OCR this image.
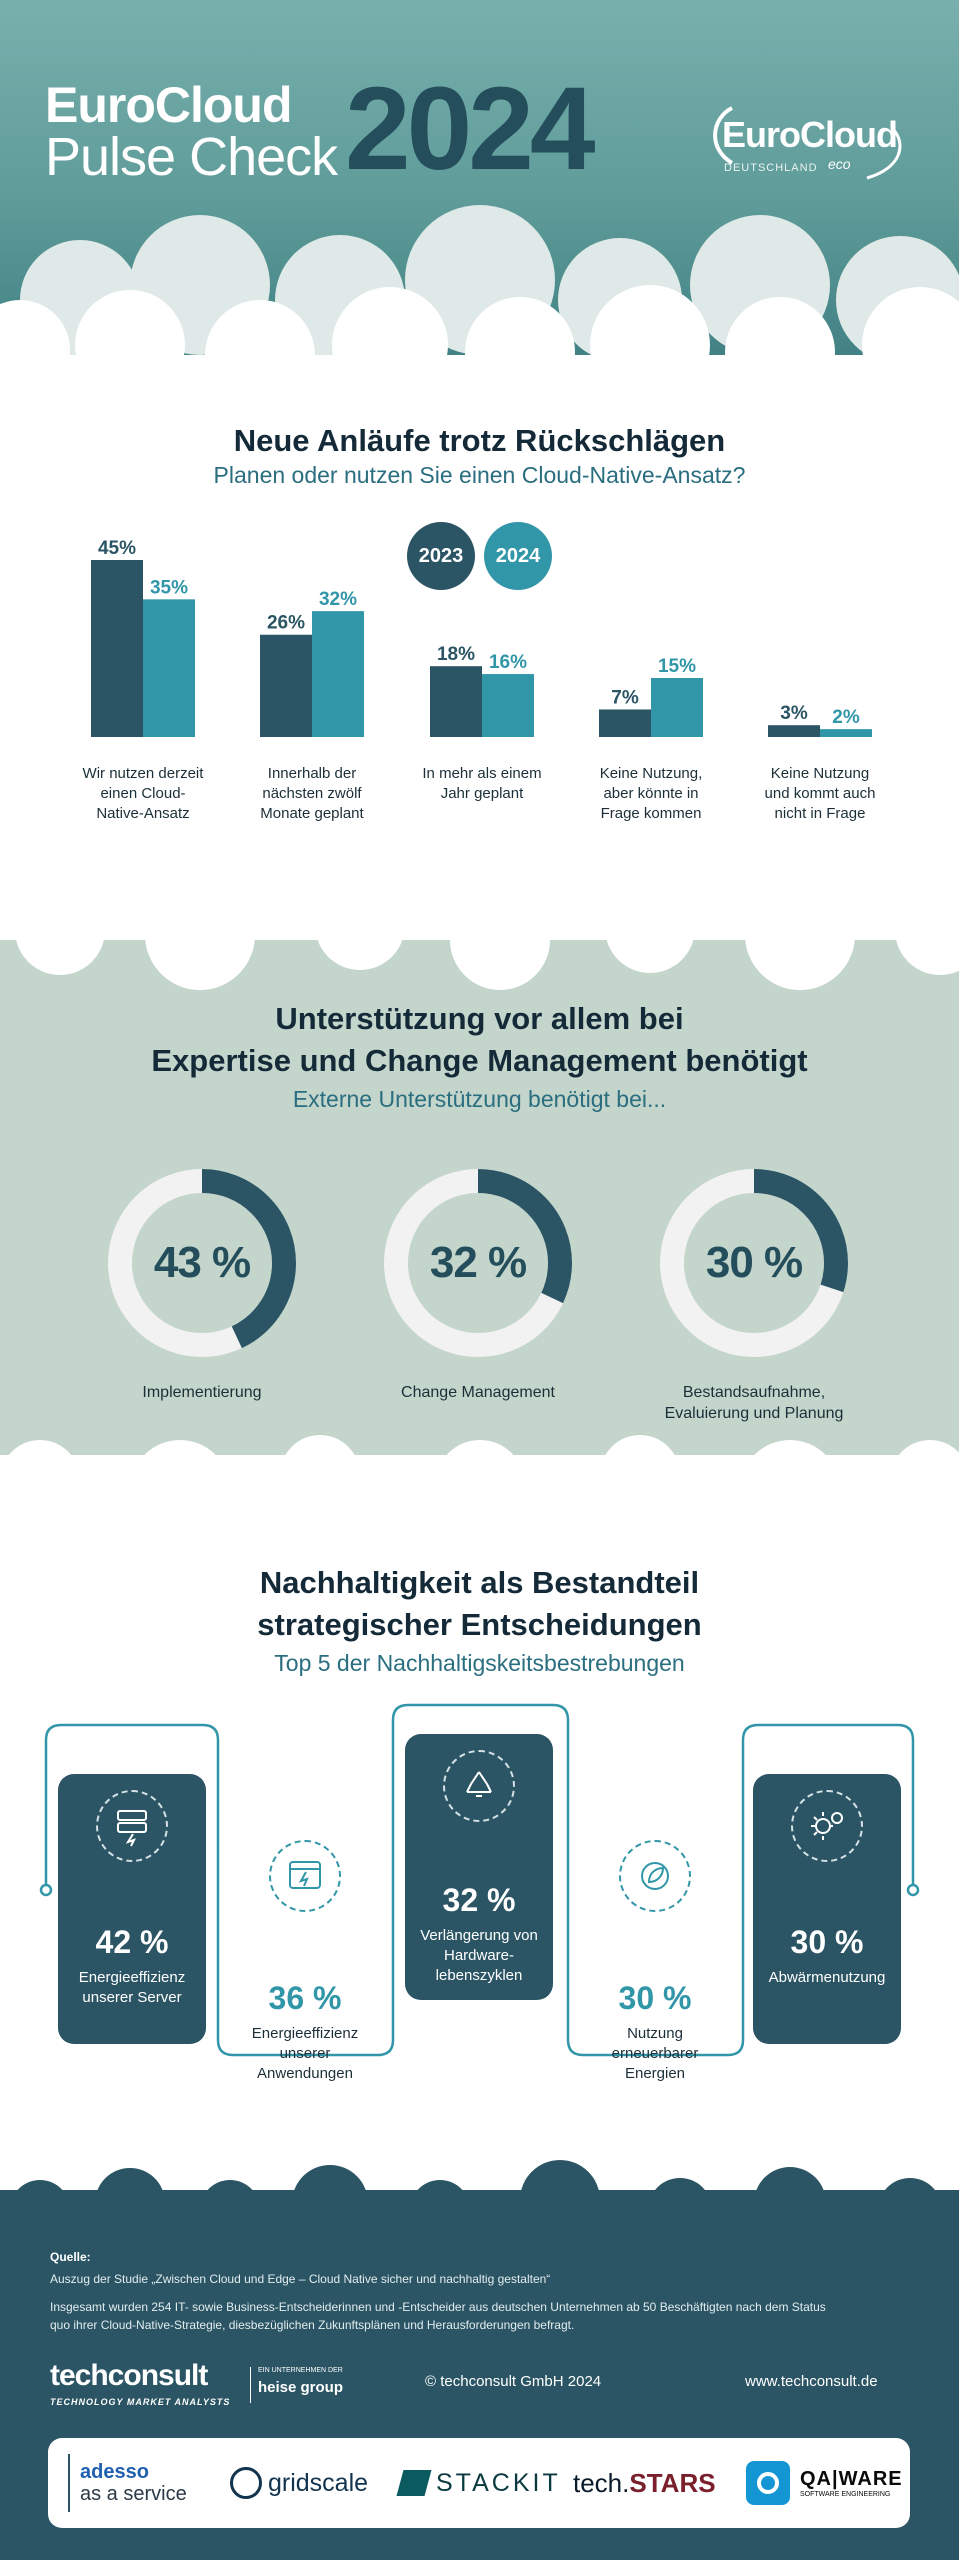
EuroCloud
Pulse Check 2024	EuroCloud
DEUTSCHLAND eco
Neue Anläufe trotz Rückschlägen
Planen oder nutzen Sie einen Cloud-Native-Ansatz?
2023	2024
45%
35%
Wir nutzen derzeit
einen Cloud-
Native-Ansatz
26%
32%
Innerhalb der
nächsten zwölf
Monate geplant
18% 16%
In mehr als einem
Jahr geplant
7%
15%
Keine Nutzung,
aber könnte in
Frage kommen
3% 2%
Keine Nutzung
und kommt auch
nicht in Frage
Unterstützung vor allem bei
Expertise und Change Management benötigt
Externe Unterstützung benötigt bei...
43 %	32 %	30 %
Implementierung	Change Management	Bestandsaufnahme,
Evaluierung und Planung
Nachhaltigkeit als Bestandteil
strategischer Entscheidungen
Top 5 der Nachhaltigskeitsbestrebungen
42 %
Energieeffizienz
unserer Server	36 %
Energieeffizienz
unserer
Anwendungen
32 %
Verlängerung von
Hardware-
lebenszyklen
30 %
Nutzung
erneuerbarer
Energien
30 %
Abwärmenutzung
Quelle:
Auszug der Studie „Zwischen Cloud und Edge – Cloud Native sicher und nachhaltig gestalten“
Insgesamt wurden 254 IT- sowie Business-Entscheiderinnen und -Entscheider aus deutschen Unternehmen ab 50 Beschäftigten nach dem Status
quo ihrer Cloud-Native-Strategie, diesbezüglichen Zukunftsplänen und Herausforderungen befragt.
techconsult
TECHNOLOGY MARKET ANALYSTS
EIN UNTERNEHMEN DER
heise group	© techconsult GmbH 2024	www.techconsult.de
adesso
as a service	gridscale	STACKIT tech. STARS	QA|WARE
SOFTWARE ENGINEERING
